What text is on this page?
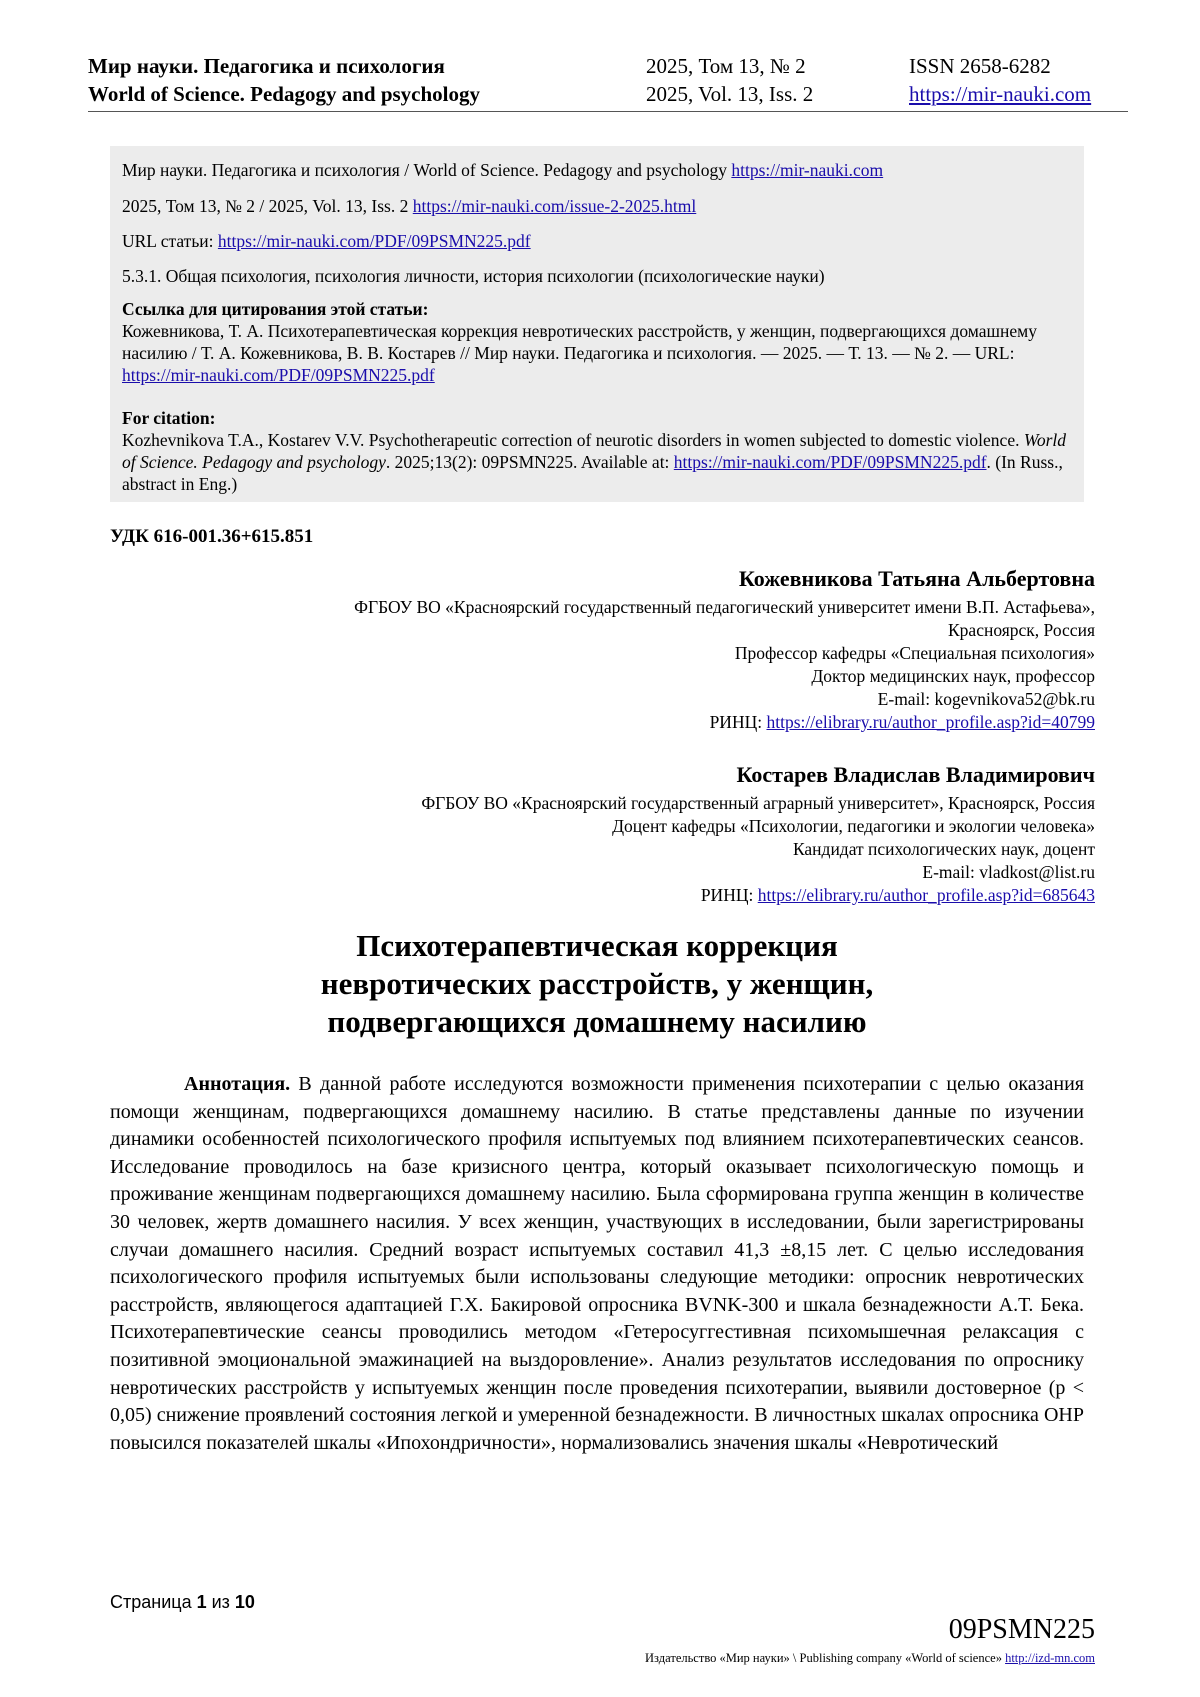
Мир науки. Педагогика и психология	2025, Том 13, № 2	ISSN 2658-6282
World of Science. Pedagogy and psychology	2025, Vol. 13, Iss. 2	https://mir-nauki.com
Мир науки. Педагогика и психология / World of Science. Pedagogy and psychology https://mir-nauki.com
2025, Том 13, № 2 / 2025, Vol. 13, Iss. 2 https://mir-nauki.com/issue-2-2025.html
URL статьи: https://mir-nauki.com/PDF/09PSMN225.pdf
5.3.1. Общая психология, психология личности, история психологии (психологические науки)
Ссылка для цитирования этой статьи:
Кожевникова, Т. А. Психотерапевтическая коррекция невротических расстройств, у женщин, подвергающихся домашнему насилию / Т. А. Кожевникова, В. В. Костарев // Мир науки. Педагогика и психология. — 2025. — Т. 13. — № 2. — URL: https://mir-nauki.com/PDF/09PSMN225.pdf
For citation:
Kozhevnikova T.A., Kostarev V.V. Psychotherapeutic correction of neurotic disorders in women subjected to domestic violence. World of Science. Pedagogy and psychology. 2025;13(2): 09PSMN225. Available at: https://mir-nauki.com/PDF/09PSMN225.pdf. (In Russ., abstract in Eng.)
УДК 616-001.36+615.851
Кожевникова Татьяна Альбертовна
ФГБОУ ВО «Красноярский государственный педагогический университет имени В.П. Астафьева»,
Красноярск, Россия
Профессор кафедры «Специальная психология»
Доктор медицинских наук, профессор
E-mail: kogevnikova52@bk.ru
РИНЦ: https://elibrary.ru/author_profile.asp?id=40799
Костарев Владислав Владимирович
ФГБОУ ВО «Красноярский государственный аграрный университет», Красноярск, Россия
Доцент кафедры «Психологии, педагогики и экологии человека»
Кандидат психологических наук, доцент
E-mail: vladkost@list.ru
РИНЦ: https://elibrary.ru/author_profile.asp?id=685643
Психотерапевтическая коррекция
невротических расстройств, у женщин,
подвергающихся домашнему насилию

Аннотация. В данной работе исследуются возможности применения психотерапии с целью оказания помощи женщинам, подвергающихся домашнему насилию. В статье представлены данные по изучении динамики особенностей психологического профиля испытуемых под влиянием психотерапевтических сеансов. Исследование проводилось на базе кризисного центра, который оказывает психологическую помощь и проживание женщинам подвергающихся домашнему насилию. Была сформирована группа женщин в количестве 30 человек, жертв домашнего насилия. У всех женщин, участвующих в исследовании, были зарегистрированы случаи домашнего насилия. Средний возраст испытуемых составил 41,3 ±8,15 лет. С целью исследования психологического профиля испытуемых были использованы следующие методики: опросник невротических расстройств, являющегося адаптацией Г.Х. Бакировой опросника BVNK-300 и шкала безнадежности А.Т. Бека. Психотерапевтические сеансы проводились методом «Гетеросуггестивная психомышечная релаксация с позитивной эмоциональной эмажинацией на выздоровление». Анализ результатов исследования по опроснику невротических расстройств у испытуемых женщин после проведения психотерапии, выявили достоверное (p < 0,05) снижение проявлений состояния легкой и умеренной безнадежности. В личностных шкалах опросника ОНР повысился показателей шкалы «Ипохондричности», нормализовались значения шкалы «Невротический

Страница 1 из 10
09PSMN225
Издательство «Мир науки» \ Publishing company «World of science» http://izd-mn.com
